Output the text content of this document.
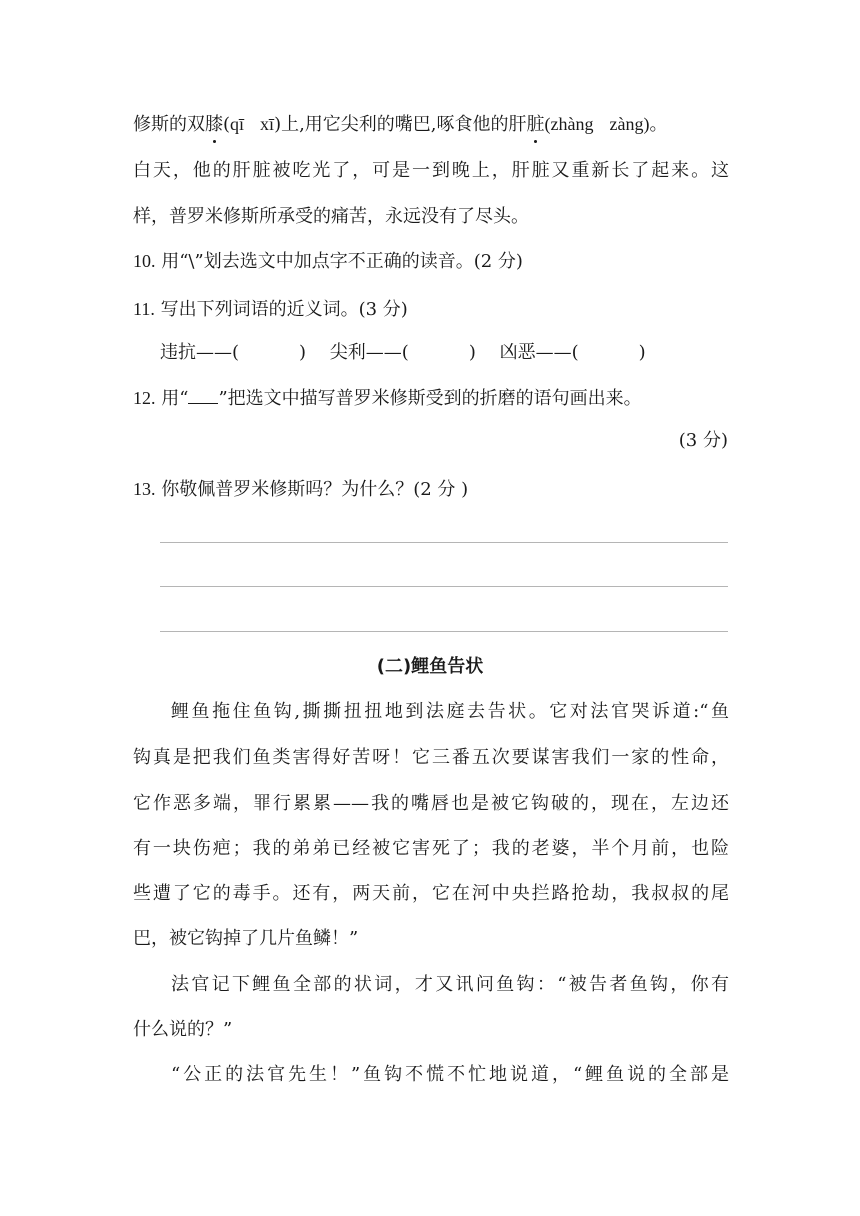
修斯的双膝(qī xī)上,用它尖利的嘴巴,啄食他的肝脏(zhàng zàng)。
白天，他的肝脏被吃光了，可是一到晚上，肝脏又重新长了起来。这
样，普罗米修斯所承受的痛苦，永远没有了尽头。
10. 用“\”划去选文中加点字不正确的读音。(2 分)
11. 写出下列词语的近义词。(3 分)
违抗——(	) 尖利——(	) 凶恶——(	)
12. 用“ ”把选文中描写普罗米修斯受到的折磨的语句画出来。
(3 分)
13. 你敬佩普罗米修斯吗？为什么？(2 分 )
(二)鲤鱼告状
鲤鱼拖住鱼钩,撕撕扭扭地到法庭去告状。它对法官哭诉道:“鱼
钩真是把我们鱼类害得好苦呀！它三番五次要谋害我们一家的性命，
它作恶多端，罪行累累——我的嘴唇也是被它钩破的，现在，左边还
有一块伤疤；我的弟弟已经被它害死了；我的老婆，半个月前，也险
些遭了它的毒手。还有，两天前，它在河中央拦路抢劫，我叔叔的尾
巴，被它钩掉了几片鱼鳞！”
法官记下鲤鱼全部的状词，才又讯问鱼钩：“被告者鱼钩，你有
什么说的？”
“公正的法官先生！”鱼钩不慌不忙地说道，“鲤鱼说的全部是
